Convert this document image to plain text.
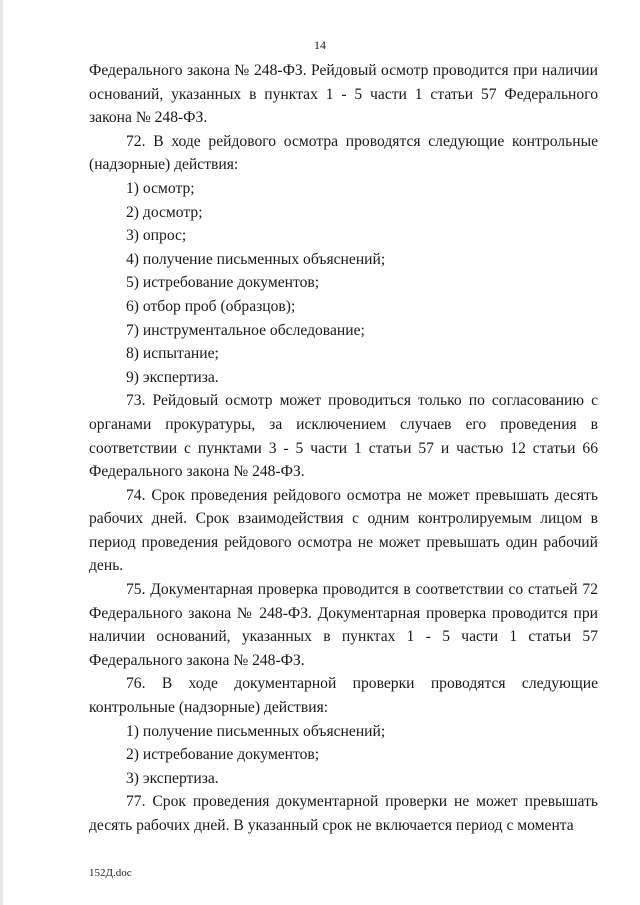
14

Федерального закона № 248-ФЗ. Рейдовый осмотр проводится при наличии оснований, указанных в пунктах 1 - 5 части 1 статьи 57 Федерального закона № 248-ФЗ.

72. В ходе рейдового осмотра проводятся следующие контрольные (надзорные) действия:

1) осмотр;

2) досмотр;

3) опрос;

4) получение письменных объяснений;

5) истребование документов;

6) отбор проб (образцов);

7) инструментальное обследование;

8) испытание;

9) экспертиза.

73. Рейдовый осмотр может проводиться только по согласованию с органами прокуратуры, за исключением случаев его проведения в соответствии с пунктами 3 - 5 части 1 статьи 57 и частью 12 статьи 66 Федерального закона № 248-ФЗ.

74. Срок проведения рейдового осмотра не может превышать десять рабочих дней. Срок взаимодействия с одним контролируемым лицом в период проведения рейдового осмотра не может превышать один рабочий день.

75. Документарная проверка проводится в соответствии со статьей 72 Федерального закона № 248-ФЗ. Документарная проверка проводится при наличии оснований, указанных в пунктах 1 - 5 части 1 статьи 57 Федерального закона № 248-ФЗ.

76. В ходе документарной проверки проводятся следующие контрольные (надзорные) действия:

1) получение письменных объяснений;

2) истребование документов;

3) экспертиза.

77. Срок проведения документарной проверки не может превышать десять рабочих дней. В указанный срок не включается период с момента

152Д.doc
